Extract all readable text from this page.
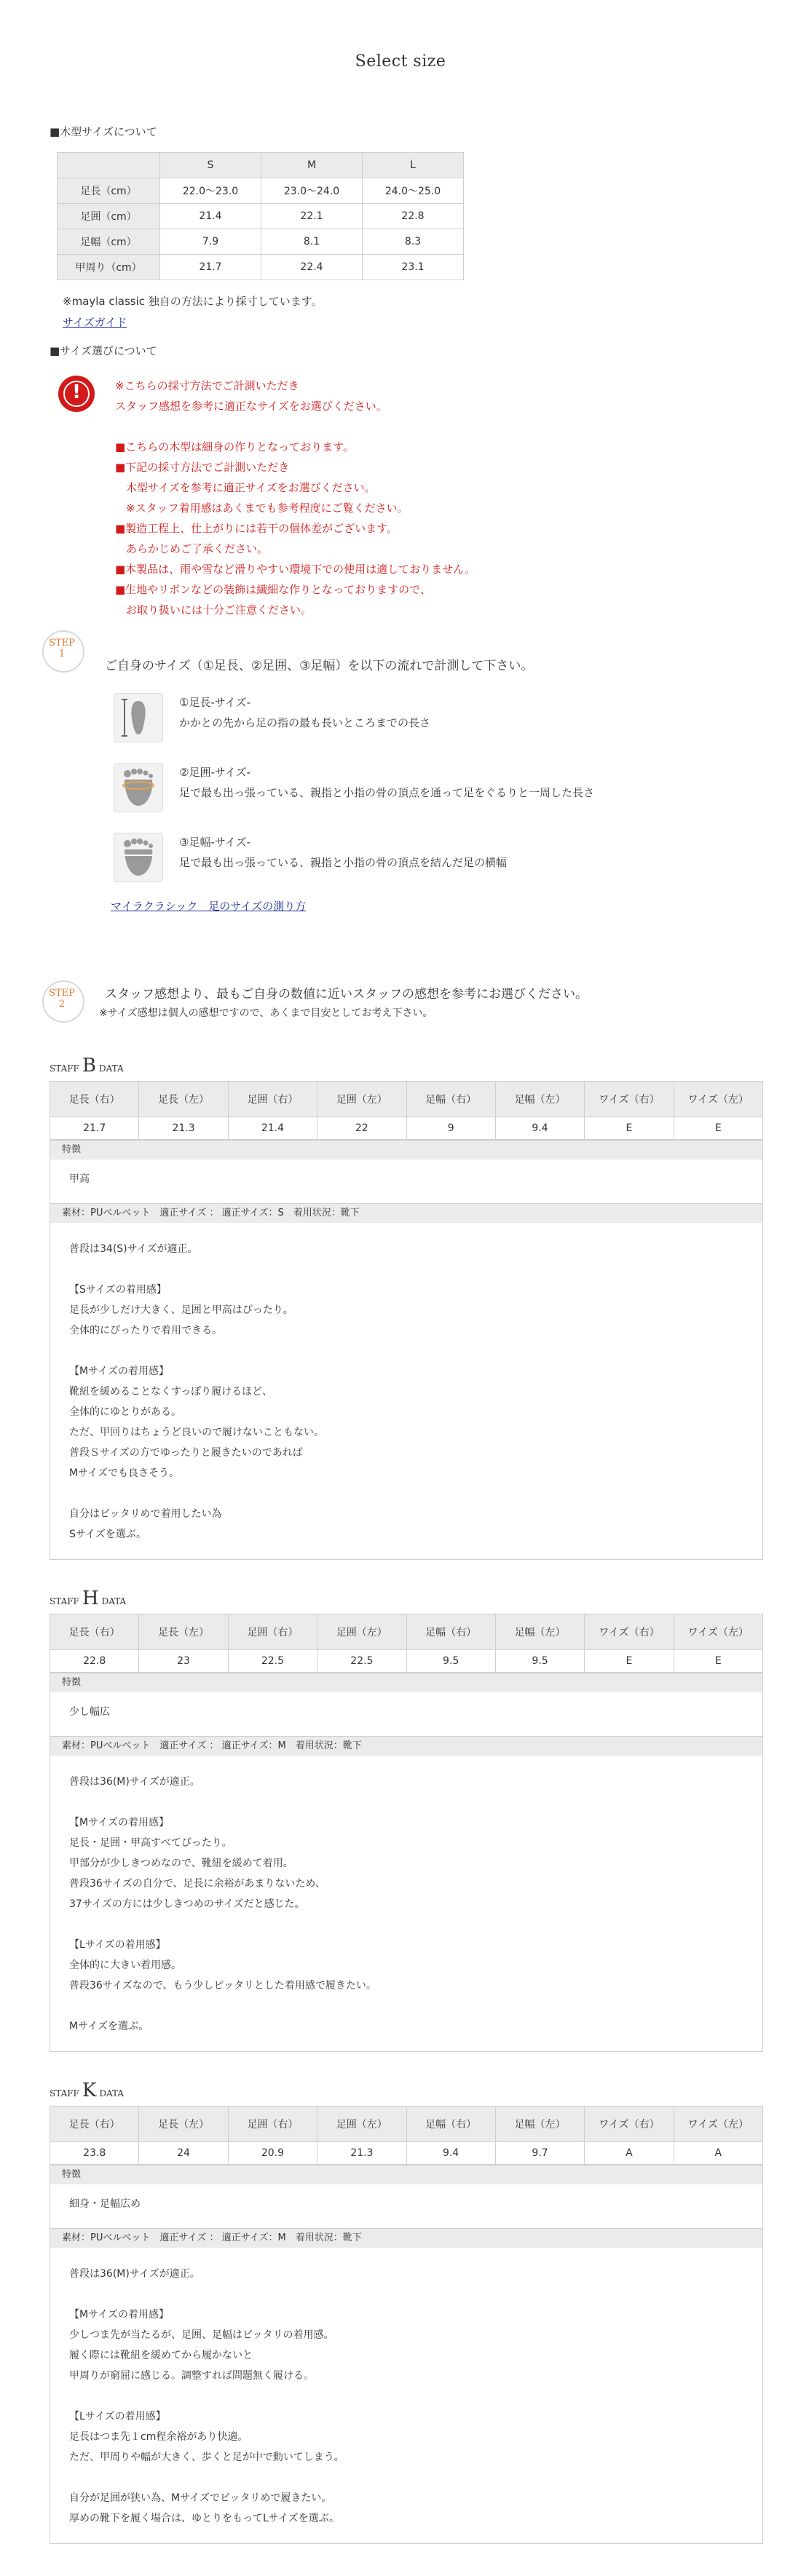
Select size
■木型サイズについて
	S	M	L
足長（cm）	22.0～23.0	23.0～24.0	24.0～25.0
足囲（cm）	21.4	22.1	22.8
足幅（cm）	7.9	8.1	8.3
甲周り（cm）	21.7	22.4	23.1
※mayla classic 独自の方法により採寸しています。
サイズガイド
■サイズ選びについて
!	※こちらの採寸方法でご計測いただき
スタッフ感想を参考に適正なサイズをお選びください。
■こちらの木型は細身の作りとなっております。
■下記の採寸方法でご計測いただき
　木型サイズを参考に適正サイズをお選びください。
　※スタッフ着用感はあくまでも参考程度にご覧ください。
■製造工程上、仕上がりには若干の個体差がございます。
　あらかじめご了承ください。
■本製品は、雨や雪など滑りやすい環境下での使用は適しておりません。
■生地やリボンなどの装飾は繊細な作りとなっておりますので、
　お取り扱いには十分ご注意ください。
STEP
1
ご自身のサイズ（①足長、②足囲、③足幅）を以下の流れで計測して下さい。
①足長-サイズ-
かかとの先から足の指の最も長いところまでの長さ
②足囲-サイズ-
足で最も出っ張っている、親指と小指の骨の頂点を通って足をぐるりと一周した長さ
③足幅-サイズ-
足で最も出っ張っている、親指と小指の骨の頂点を結んだ足の横幅
マイラクラシック　足のサイズの測り方
STEP
2
スタッフ感想より、最もご自身の数値に近いスタッフの感想を参考にお選びください。
※サイズ感想は個人の感想ですので、あくまで目安としてお考え下さい。
STAFF B DATA
足長（右）	足長（左）	足囲（右）	足囲（左）	足幅（右）	足幅（左）	ワイズ（右）	ワイズ（左）
21.7	21.3	21.4	22	9	9.4	E	E
特徴
甲高
素材：PUベルベット　適正サイズ ： 適正サイズ：S　着用状況：靴下
普段は34(S)サイズが適正。
【Sサイズの着用感】
足長が少しだけ大きく、足囲と甲高はぴったり。
全体的にぴったりで着用できる。
【Mサイズの着用感】
靴紐を緩めることなくすっぽり履けるほど、
全体的にゆとりがある。
ただ、甲回りはちょうど良いので履けないこともない。
普段Ｓサイズの方でゆったりと履きたいのであれば
Mサイズでも良さそう。
自分はピッタリめで着用したい為
Sサイズを選ぶ。
STAFF H DATA
足長（右）	足長（左）	足囲（右）	足囲（左）	足幅（右）	足幅（左）	ワイズ（右）	ワイズ（左）
22.8	23	22.5	22.5	9.5	9.5	E	E
特徴
少し幅広
素材：PUベルベット　適正サイズ ： 適正サイズ：M　着用状況：靴下
普段は36(M)サイズが適正。
【Mサイズの着用感】
足長・足囲・甲高すべてぴったり。
甲部分が少しきつめなので、靴紐を緩めて着用。
普段36サイズの自分で、足長に余裕があまりないため、
37サイズの方には少しきつめのサイズだと感じた。
【Lサイズの着用感】
全体的に大きい着用感。
普段36サイズなので、もう少しピッタリとした着用感で履きたい。
Mサイズを選ぶ。
STAFF K DATA
足長（右）	足長（左）	足囲（右）	足囲（左）	足幅（右）	足幅（左）	ワイズ（右）	ワイズ（左）
23.8	24	20.9	21.3	9.4	9.7	A	A
特徴
細身・足幅広め
素材：PUベルベット　適正サイズ ： 適正サイズ：M　着用状況：靴下
普段は36(M)サイズが適正。
【Mサイズの着用感】
少しつま先が当たるが、足囲、足幅はピッタリの着用感。
履く際には靴紐を緩めてから履かないと
甲周りが窮屈に感じる。調整すれば問題無く履ける。
【Lサイズの着用感】
足長はつま先１cm程余裕があり快適。
ただ、甲周りや幅が大きく、歩くと足が中で動いてしまう。
自分が足囲が狭い為、Mサイズでピッタリめで履きたい。
厚めの靴下を履く場合は、ゆとりをもってLサイズを選ぶ。
